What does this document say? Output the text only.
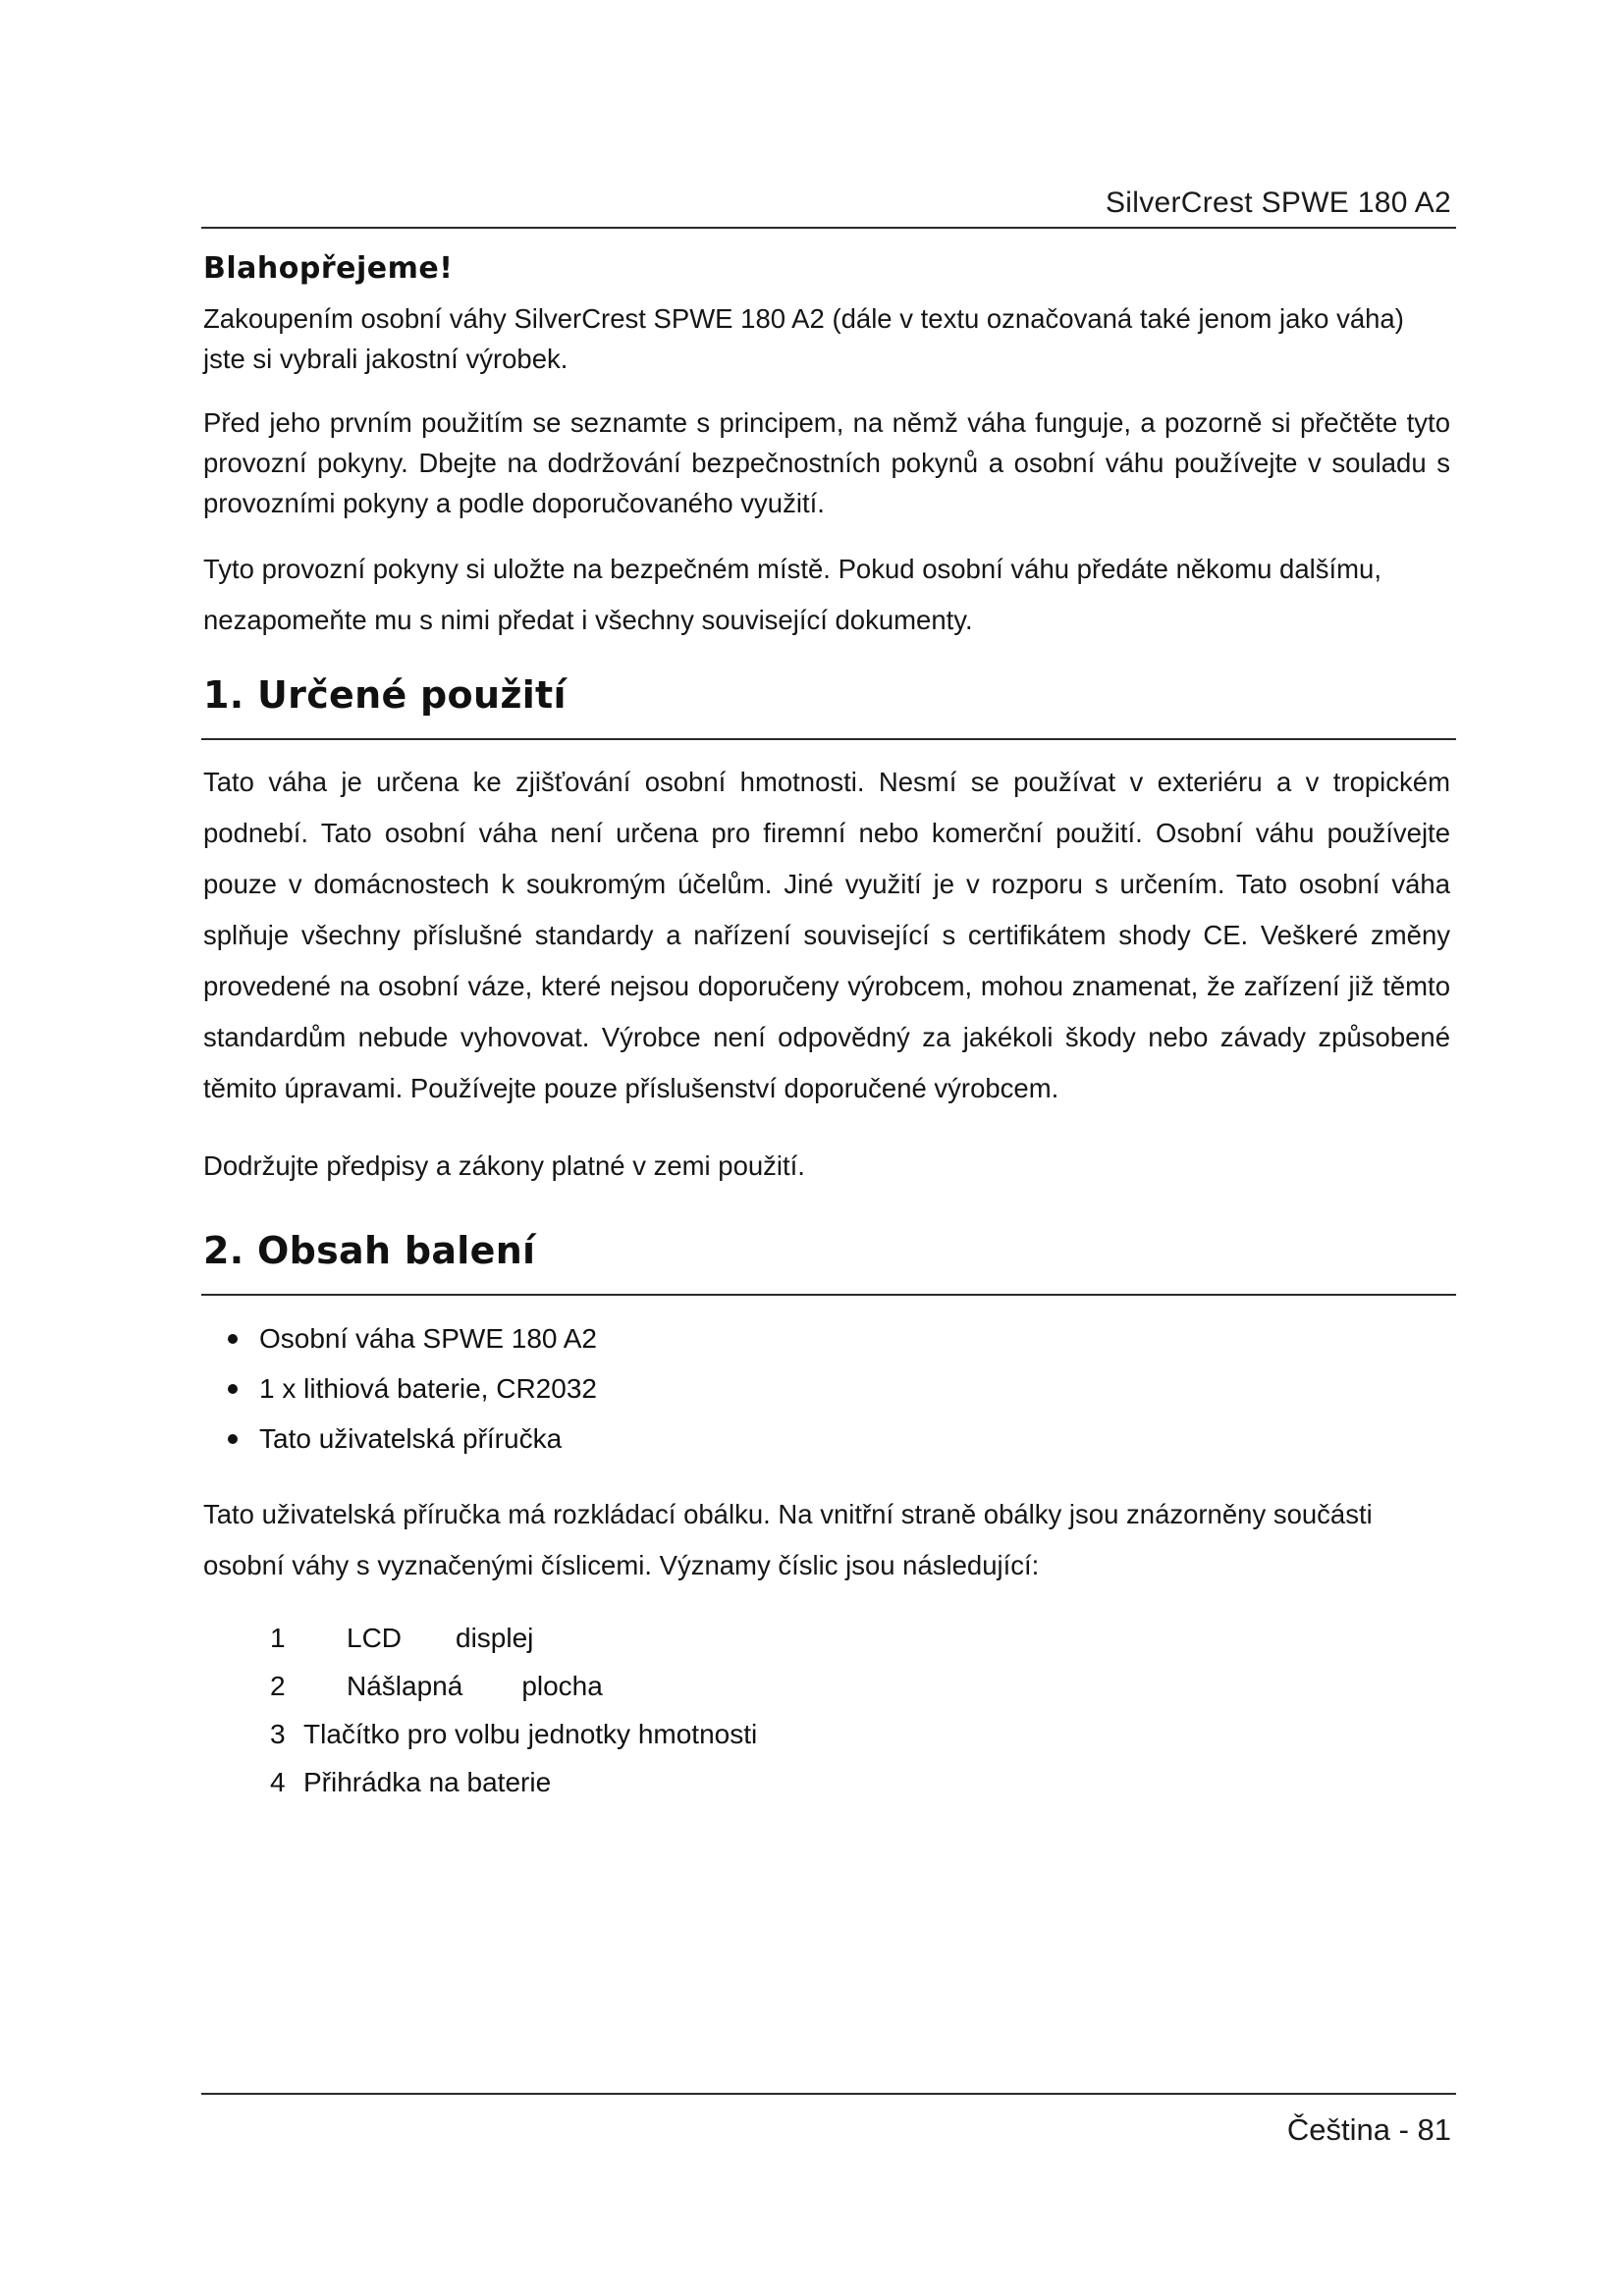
SilverCrest SPWE 180 A2
Blahopřejeme!
Zakoupením osobní váhy SilverCrest SPWE 180 A2 (dále v textu označovaná také jenom jako váha) jste si vybrali jakostní výrobek.
Před jeho prvním použitím se seznamte s principem, na němž váha funguje, a pozorně si přečtěte tyto provozní pokyny. Dbejte na dodržování bezpečnostních pokynů a osobní váhu používejte v souladu s provozními pokyny a podle doporučovaného využití.
Tyto provozní pokyny si uložte na bezpečném místě. Pokud osobní váhu předáte někomu dalšímu, nezapomeňte mu s nimi předat i všechny související dokumenty.
1. Určené použití
Tato váha je určena ke zjišťování osobní hmotnosti. Nesmí se používat v exteriéru a v tropickém podnebí. Tato osobní váha není určena pro firemní nebo komerční použití. Osobní váhu používejte pouze v domácnostech k soukromým účelům. Jiné využití je v rozporu s určením. Tato osobní váha splňuje všechny příslušné standardy a nařízení související s certifikátem shody CE. Veškeré změny provedené na osobní váze, které nejsou doporučeny výrobcem, mohou znamenat, že zařízení již těmto standardům nebude vyhovovat. Výrobce není odpovědný za jakékoli škody nebo závady způsobené těmito úpravami. Používejte pouze příslušenství doporučené výrobcem.
Dodržujte předpisy a zákony platné v zemi použití.
2. Obsah balení
Osobní váha SPWE 180 A2
1 x lithiová baterie, CR2032
Tato uživatelská příručka
Tato uživatelská příručka má rozkládací obálku. Na vnitřní straně obálky jsou znázorněny součásti osobní váhy s vyznačenými číslicemi. Významy číslic jsou následující:
1	LCD displej
2	Nášlapná plocha
3 Tlačítko pro volbu jednotky hmotnosti
4 Přihrádka na baterie
Čeština - 81
